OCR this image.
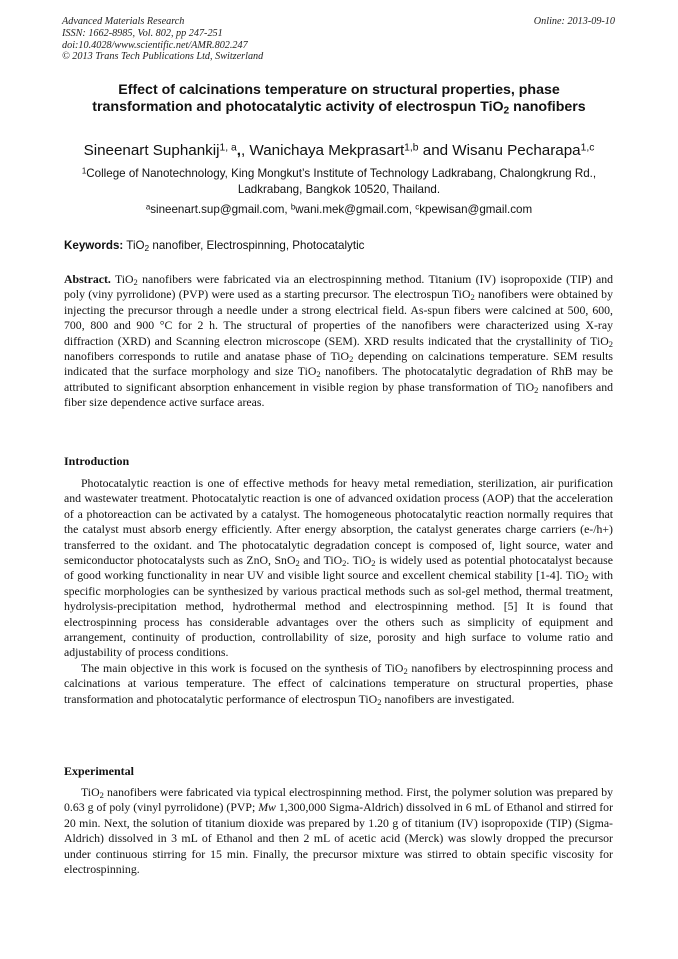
Advanced Materials Research
ISSN: 1662-8985, Vol. 802, pp 247-251
doi:10.4028/www.scientific.net/AMR.802.247
© 2013 Trans Tech Publications Ltd, Switzerland
Online: 2013-09-10
Effect of calcinations temperature on structural properties, phase transformation and photocatalytic activity of electrospun TiO$_2$ nanofibers
Sineenart Suphankij$^{1, a}$,, Wanichaya Mekprasart$^{1,b}$ and Wisanu Pecharapa$^{1,c}$
$^1$College of Nanotechnology, King Mongkut’s Institute of Technology Ladkrabang, Chalongkrung Rd., Ladkrabang, Bangkok 10520, Thailand.
$^a$sineenart.sup@gmail.com, $^b$wani.mek@gmail.com, $^c$kpewisan@gmail.com
Keywords: TiO$_2$ nanofiber, Electrospinning, Photocatalytic

Abstract. TiO$_2$ nanofibers were fabricated via an electrospinning method. Titanium (IV) isopropoxide (TIP) and poly (viny pyrrolidone) (PVP) were used as a starting precursor. The electrospun TiO$_2$ nanofibers were obtained by injecting the precursor through a needle under a strong electrical field. As-spun fibers were calcined at 500, 600, 700, 800 and 900 °C for 2 h. The structural of properties of the nanofibers were characterized using X-ray diffraction (XRD) and Scanning electron microscope (SEM). XRD results indicated that the crystallinity of TiO$_2$ nanofibers corresponds to rutile and anatase phase of TiO$_2$ depending on calcinations temperature. SEM results indicated that the surface morphology and size TiO$_2$ nanofibers. The photocatalytic degradation of RhB may be attributed to significant absorption enhancement in visible region by phase transformation of TiO$_2$ nanofibers and fiber size dependence active surface areas.

Introduction

Photocatalytic reaction is one of effective methods for heavy metal remediation, sterilization, air purification and wastewater treatment. Photocatalytic reaction is one of advanced oxidation process (AOP) that the acceleration of a photoreaction can be activated by a catalyst. The homogeneous photocatalytic reaction normally requires that the catalyst must absorb energy efficiently. After energy absorption, the catalyst generates charge carriers (e-/h+) transferred to the oxidant. and The photocatalytic degradation concept is composed of, light source, water and semiconductor photocatalysts such as ZnO, SnO$_2$ and TiO$_2$. TiO$_2$ is widely used as potential photocatalyst because of good working functionality in near UV and visible light source and excellent chemical stability [1-4]. TiO$_2$ with specific morphologies can be synthesized by various practical methods such as sol-gel method, thermal treatment, hydrolysis-precipitation method, hydrothermal method and electrospinning method. [5] It is found that electrospinning process has considerable advantages over the others such as simplicity of equipment and arrangement, continuity of production, controllability of size, porosity and high surface to volume ratio and adjustability of process conditions.

The main objective in this work is focused on the synthesis of TiO$_2$ nanofibers by electrospinning process and calcinations at various temperature. The effect of calcinations temperature on structural properties, phase transformation and photocatalytic performance of electrospun TiO$_2$ nanofibers are investigated.

Experimental

TiO$_2$ nanofibers were fabricated via typical electrospinning method. First, the polymer solution was prepared by 0.63 g of poly (vinyl pyrrolidone) (PVP; Mw 1,300,000 Sigma-Aldrich) dissolved in 6 mL of Ethanol and stirred for 20 min. Next, the solution of titanium dioxide was prepared by 1.20 g of titanium (IV) isopropoxide (TIP) (Sigma-Aldrich) dissolved in 3 mL of Ethanol and then 2 mL of acetic acid (Merck) was slowly dropped the precursor under continuous stirring for 15 min. Finally, the precursor mixture was stirred to obtain specific viscosity for electrospinning.
